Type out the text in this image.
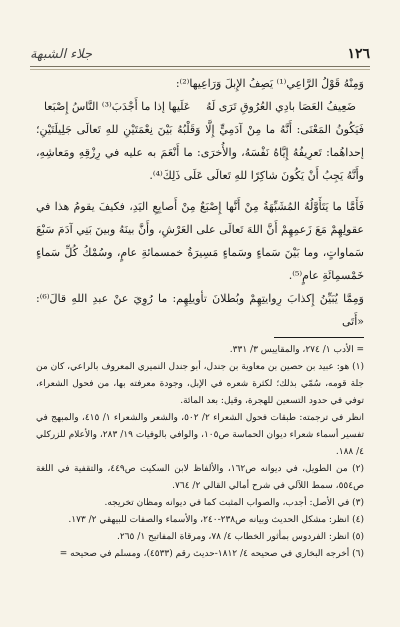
١٢٦
جلاء الشبهة

وَمِنْهُ قَوْلُ الرَّاعِي⁽¹⁾ يَصِفُ الإِبلَ وَرَاعِيها⁽²⁾:

ضَعِيفُ العَصَا بادِي العُرُوقِ تَرَى لَهُ
عَلَيها إذا ما أَجْدَبَ⁽³⁾ النَّاسُ إِصْبَعا

فَيَكُونُ المَعْنَى: أَنَّهُ ما مِنْ آدَمِيٍّ إِلَّا وَقَلْبُهُ بَيْنَ نِعْمَتَيْنِ للهِ تَعالَى جَلِيلَتَيْنِ؛ إحداهُما: تَعرِيفُهُ إِيَّاهُ نَفْسَهُ، والأُخرَى: ما أَنْعَمَ به عليه في رِزْقِهِ ومَعاشِهِ، وأَنَّهُ يَجِبُ أَنْ يَكُونَ شاكِرًا للهِ تَعالَى عَلَى ذَلِكَ⁽⁴⁾.

فَأَمَّا ما يَتَأَوَّلُهُ المُشَبِّهَةُ مِنْ أَنَّها إِصْبَعٌ مِنْ أَصابِعِ اليَدِ، فكيفَ يقومُ هذا في عقولِهِمْ مَعَ زَعمِهِمْ أَنَّ اللهَ تَعالَى على العَرْشِ، وأَنَّ بينَهُ وبينَ بَنِي آدَمَ سَبْعَ سَماواتٍ، وما بَيْنَ سَماءٍ وسَماءٍ مَسِيرَةُ خمسمائةِ عامٍ، وسُمْكُ كُلِّ سَماءٍ خَمْسمِائَةِ عامٍ⁽⁵⁾.

وَمِمَّا يُبَيِّنُ إِكذابَ رِوايتِهِمْ وبُطلانَ تأويلِهِم: ما رُوِيَ عنْ عبدِ اللهِ قالَ⁽⁶⁾: «أَتَى

= الأدب ١/ ٢٧٤، والمقاييس ٣/ ٣٣١.

(١) هو: عبيد بن حصين بن معاوية بن جندل، أبو جندل النميري المعروف بالراعي، كان من جلة قومه، سُمّي بذلك؛ لكثرة شعره في الإبل، وجودة معرفته بها، من فحول الشعراء، توفي في حدود التسعين للهجرة، وقيل: بعد المائة.

انظر في ترجمته: طبقات فحول الشعراء ٢/ ٥٠٢، والشعر والشعراء ١/ ٤١٥، والمبهج في تفسير أسماء شعراء ديوان الحماسة ص١٠٥، والوافي بالوفيات ١٩/ ٢٨٣، والأعلام للزركلي ٤/ ١٨٨.

(٢) من الطويل، في ديوانه ص١٦٢، والألفاظ لابن السكيت ص٤٤٩، والتقفية في اللغة ص٥٥٤، سمط اللآلي في شرح أمالي القالي ٢/ ٧٦٤.

(٣) في الأصل: أجدب، والصواب المثبت كما في ديوانه ومظان تخريجه.

(٤) انظر: مشكل الحديث وبيانه ص٢٣٨-٢٤٠، والأسماء والصفات للبيهقي ٢/ ١٧٣.

(٥) انظر: الفردوس بمأثور الخطاب ٤/ ٧٨، ومرقاة المفاتيح ١/ ٢٦٥.

(٦) أخرجه البخاري في صحيحه ٤/ ١٨١٢-حديث رقم (٤٥٣٣)، ومسلم في صحيحه =
